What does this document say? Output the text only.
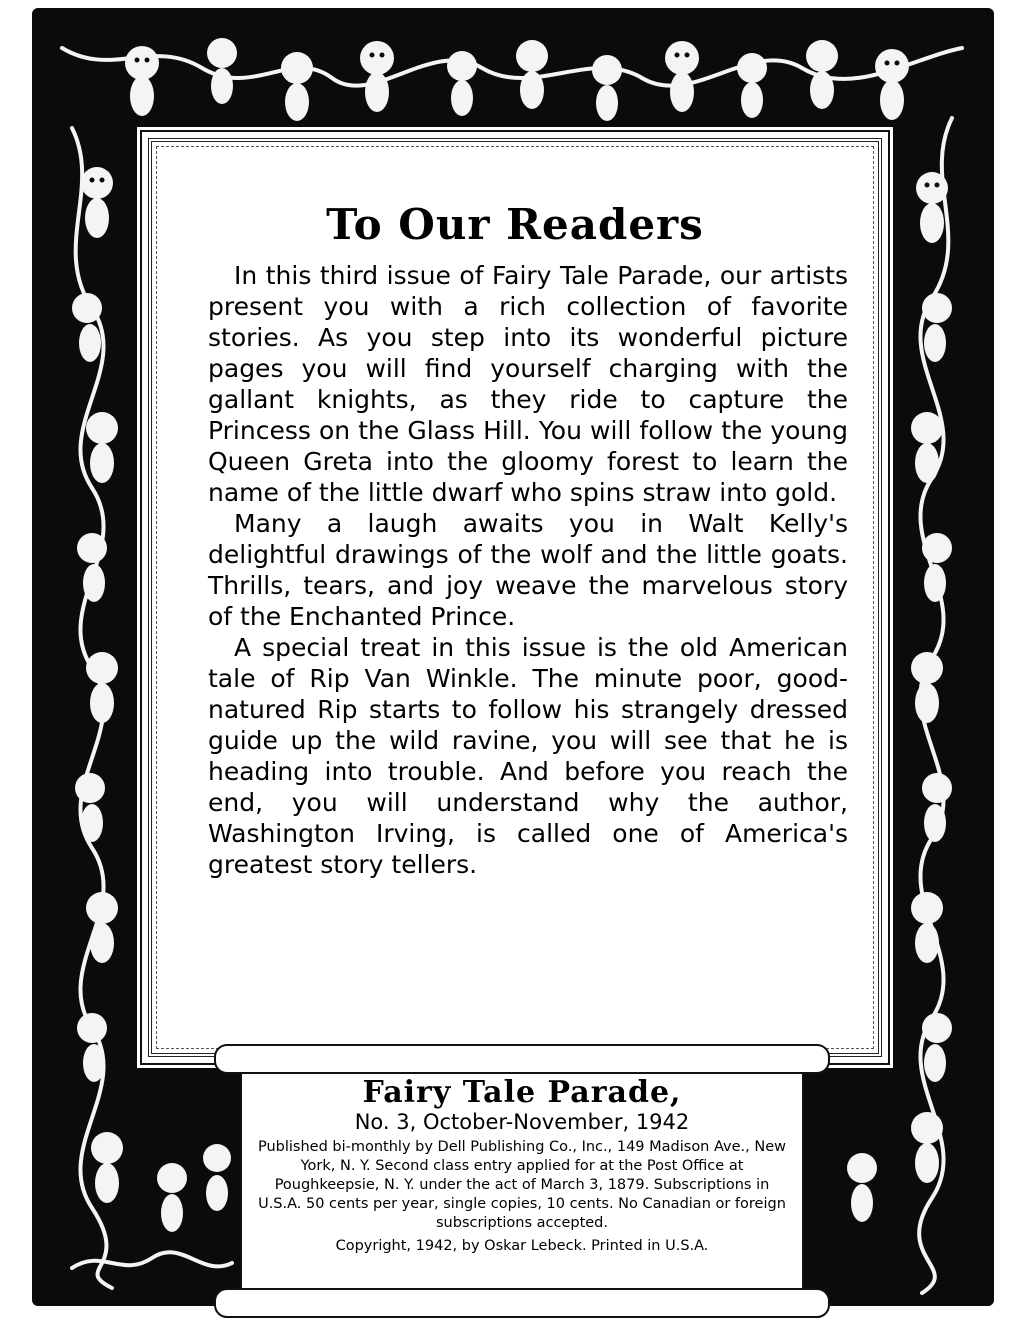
To Our Readers

In this third issue of Fairy Tale Parade, our artists present you with a rich collection of favorite stories. As you step into its wonderful picture pages you will find yourself charging with the gallant knights, as they ride to capture the Princess on the Glass Hill. You will follow the young Queen Greta into the gloomy forest to learn the name of the little dwarf who spins straw into gold.

Many a laugh awaits you in Walt Kelly's delightful drawings of the wolf and the little goats. Thrills, tears, and joy weave the marvelous story of the Enchanted Prince.

A special treat in this issue is the old American tale of Rip Van Winkle. The minute poor, good-natured Rip starts to follow his strangely dressed guide up the wild ravine, you will see that he is heading into trouble. And before you reach the end, you will understand why the author, Washington Irving, is called one of America's greatest story tellers.

Fairy Tale Parade,
No. 3, October-November, 1942
Published bi-monthly by Dell Publishing Co., Inc., 149 Madison Ave., New York, N. Y. Second class entry applied for at the Post Office at Poughkeepsie, N. Y. under the act of March 3, 1879. Subscriptions in U.S.A. 50 cents per year, single copies, 10 cents. No Canadian or foreign subscriptions accepted.
Copyright, 1942, by Oskar Lebeck. Printed in U.S.A.
